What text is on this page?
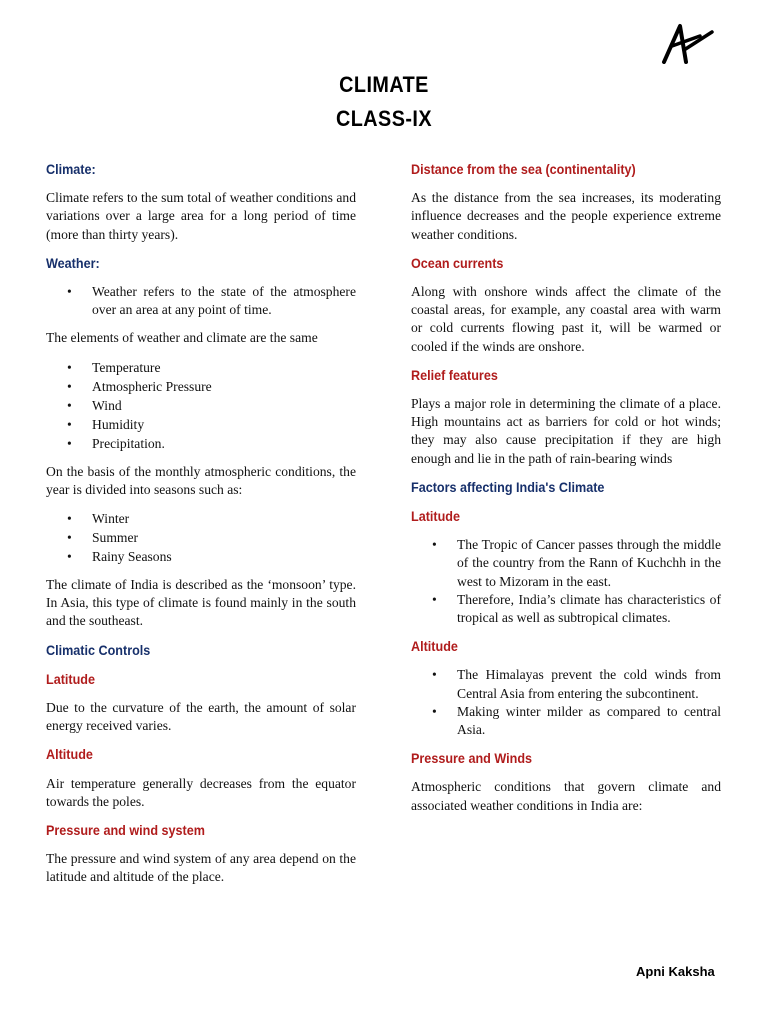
CLIMATE
CLASS-IX
Climate:

Climate refers to the sum total of weather conditions and variations over a large area for a long period of time (more than thirty years).

Weather:
• Weather refers to the state of the atmosphere over an area at any point of time.

The elements of weather and climate are the same

• Temperature
• Atmospheric Pressure
• Wind
• Humidity
• Precipitation.

On the basis of the monthly atmospheric conditions, the year is divided into seasons such as:

• Winter
• Summer
• Rainy Seasons

The climate of India is described as the ‘monsoon’ type. In Asia, this type of climate is found mainly in the south and the southeast.

Climatic Controls
Latitude

Due to the curvature of the earth, the amount of solar energy received varies.

Altitude

Air temperature generally decreases from the equator towards the poles.

Pressure and wind system

The pressure and wind system of any area depend on the latitude and altitude of the place.

Distance from the sea (continentality)

As the distance from the sea increases, its moderating influence decreases and the people experience extreme weather conditions.

Ocean currents

Along with onshore winds affect the climate of the coastal areas, for example, any coastal area with warm or cold currents flowing past it, will be warmed or cooled if the winds are onshore.

Relief features

Plays a major role in determining the climate of a place. High mountains act as barriers for cold or hot winds; they may also cause precipitation if they are high enough and lie in the path of rain-bearing winds

Factors affecting India's Climate
Latitude
• The Tropic of Cancer passes through the middle of the country from the Rann of Kuchchh in the west to Mizoram in the east.
• Therefore, India’s climate has characteristics of tropical as well as subtropical climates.
Altitude
• The Himalayas prevent the cold winds from Central Asia from entering the subcontinent.
• Making winter milder as compared to central Asia.
Pressure and Winds

Atmospheric conditions that govern climate and associated weather conditions in India are:

Apni Kaksha
